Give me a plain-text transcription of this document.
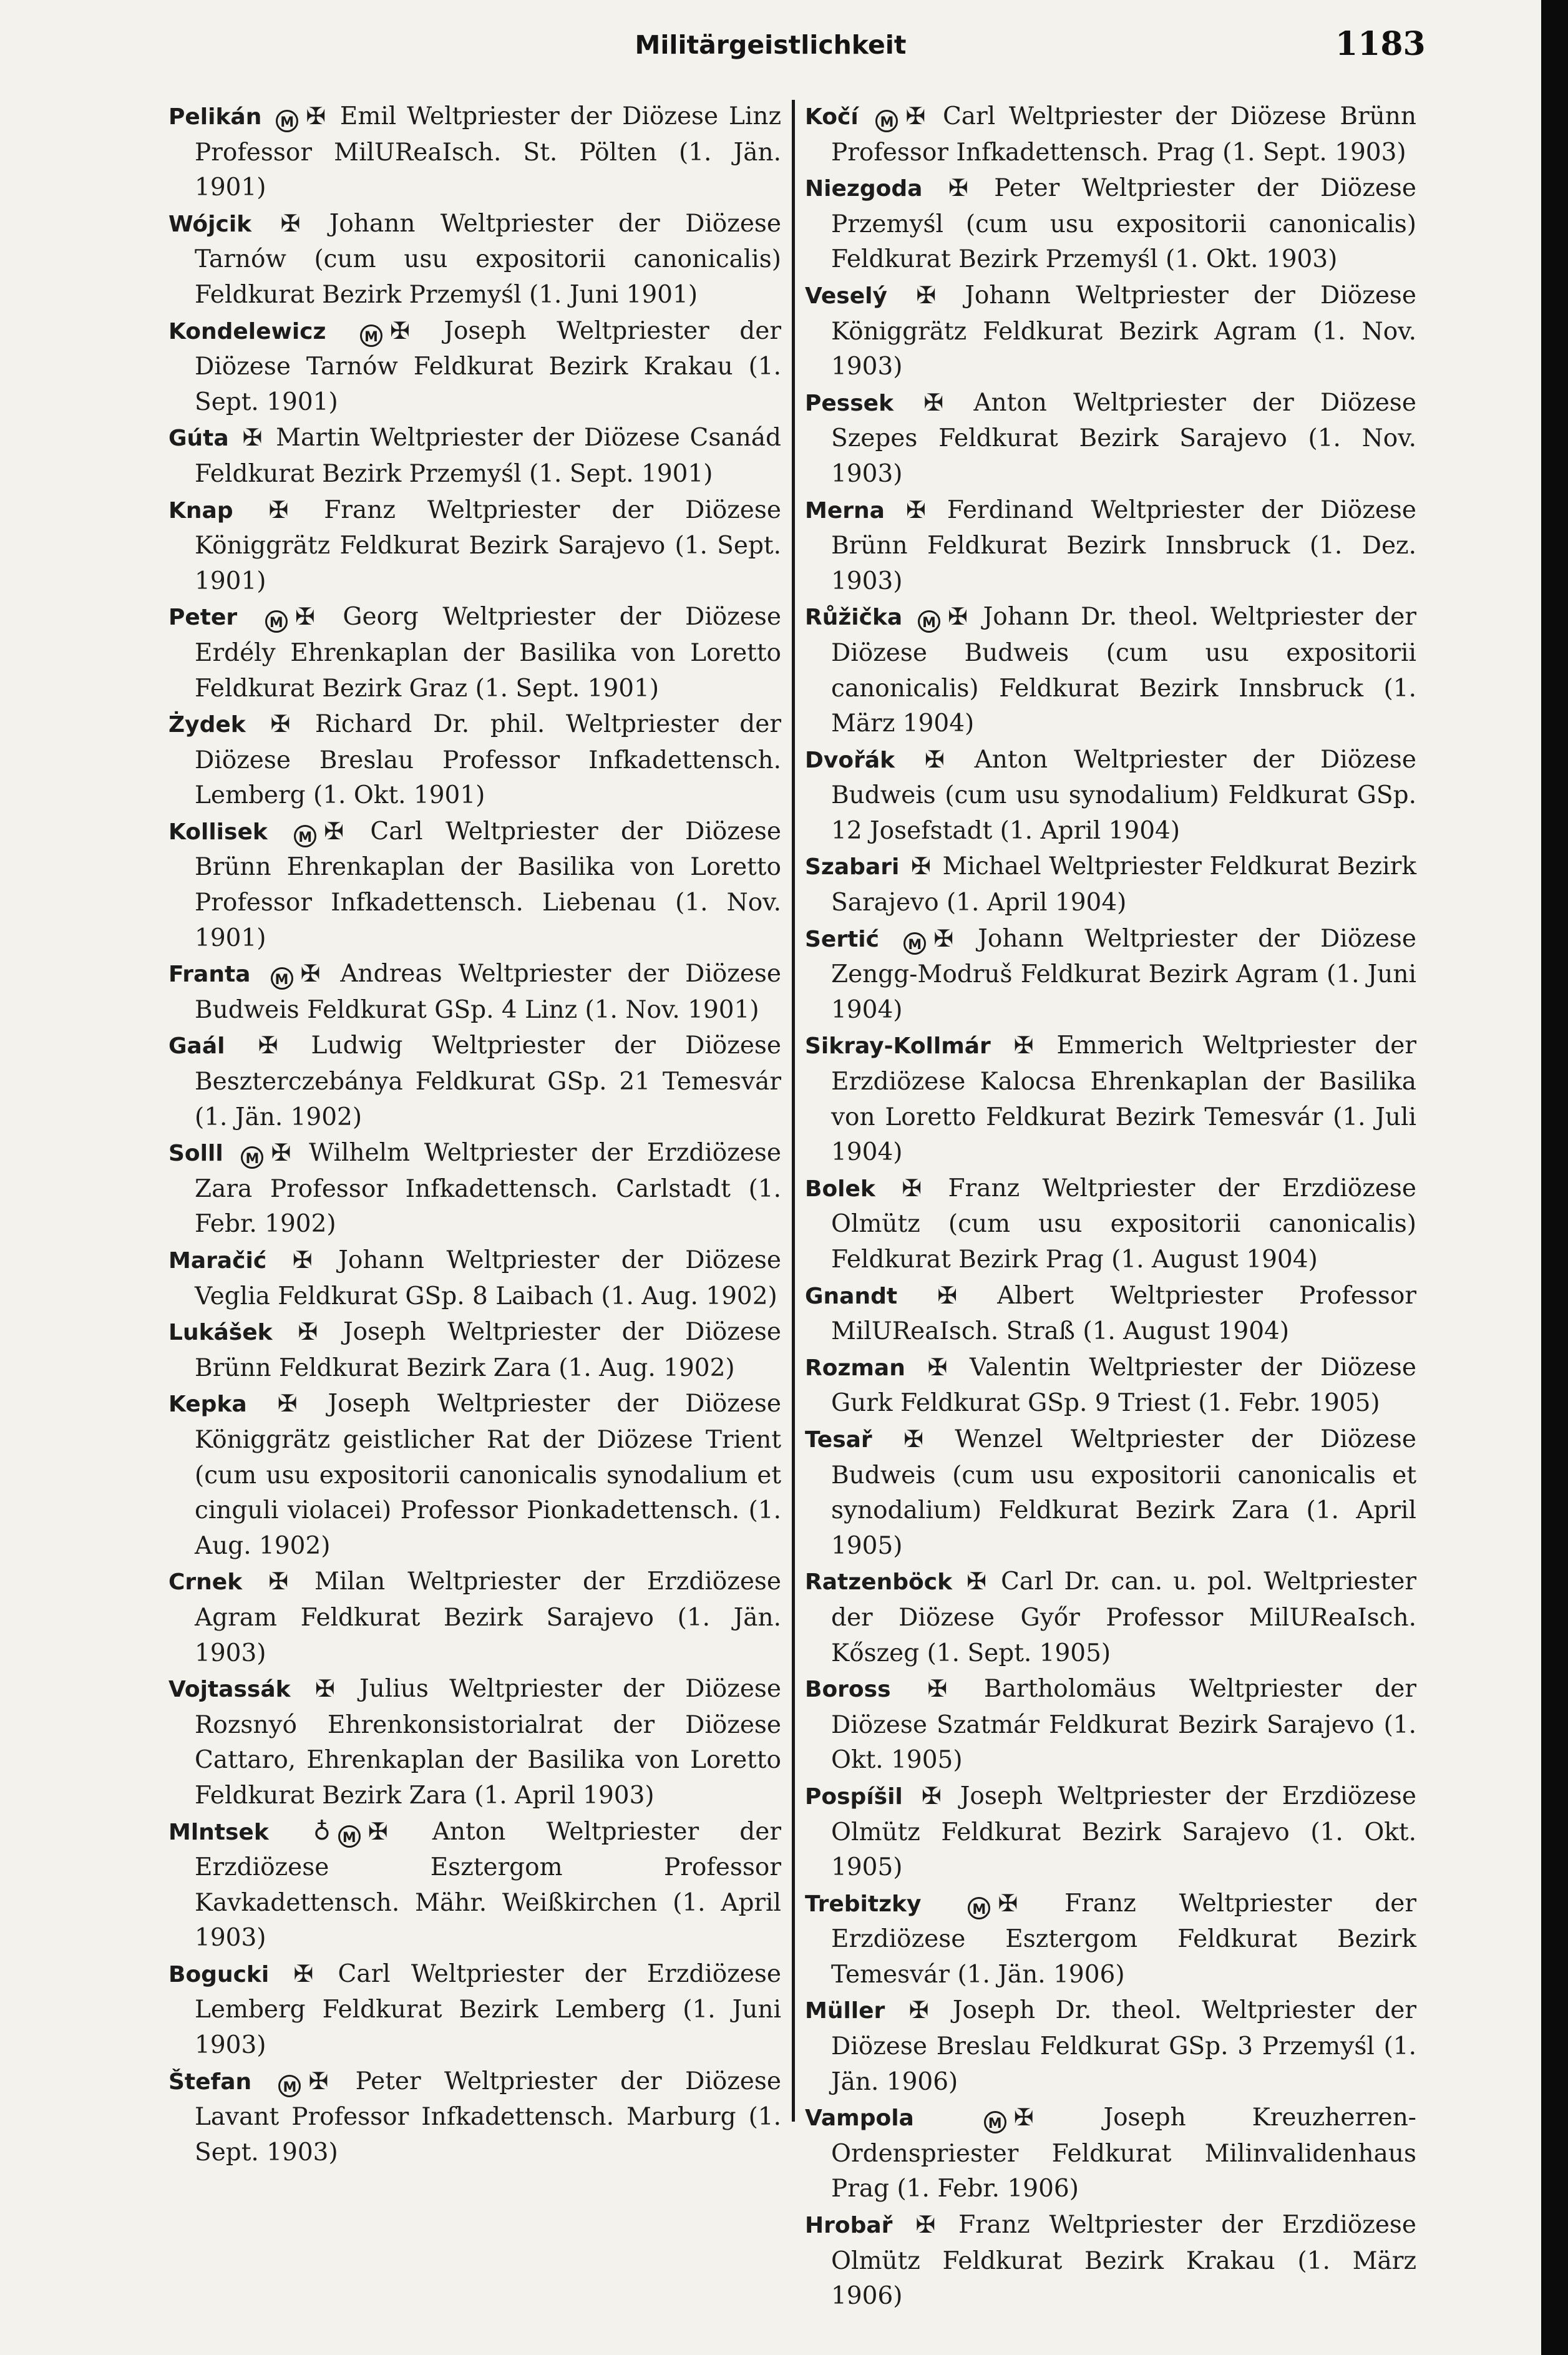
Militärgeistlichkeit	1183
Pelikán M ✠ Emil Weltpriester der Diözese Linz Professor MilUReaIsch. St. Pölten (1. Jän. 1901)
Wójcik ✠ Johann Weltpriester der Diözese Tarnów (cum usu expositorii canonicalis) Feldkurat Bezirk Przemyśl (1. Juni 1901)
Kondelewicz	M ✠ Joseph Weltpriester der Diözese Tarnów Feldkurat Bezirk Krakau (1. Sept. 1901)
Gúta ✠ Martin Weltpriester der Diözese Csanád Feldkurat Bezirk Przemyśl (1. Sept. 1901)
Knap ✠ Franz Weltpriester der Diözese Königgrätz Feldkurat Bezirk Sarajevo (1. Sept. 1901)
Peter M ✠ Georg Weltpriester der Diözese Erdély Ehrenkaplan der Basilika von Loretto Feldkurat Bezirk Graz (1. Sept. 1901)
Żydek ✠ Richard Dr. phil. Weltpriester der Diözese Breslau Professor Infkadettensch. Lemberg (1. Okt. 1901)
Kollisek M ✠ Carl Weltpriester der Diözese Brünn Ehrenkaplan der Basilika von Loretto Professor Infkadettensch. Liebenau (1. Nov. 1901)
Franta M ✠ Andreas Weltpriester der Diözese Budweis Feldkurat GSp. 4 Linz (1. Nov. 1901)
Gaál ✠ Ludwig Weltpriester der Diözese Beszterczebánya Feldkurat GSp. 21 Temesvár (1. Jän. 1902)
Solll M ✠ Wilhelm Weltpriester der Erzdiözese Zara Professor Infkadettensch. Carlstadt (1. Febr. 1902)
Maračić ✠ Johann Weltpriester der Diözese Veglia Feldkurat GSp. 8 Laibach (1. Aug. 1902)
Lukášek ✠ Joseph Weltpriester der Diözese Brünn Feldkurat Bezirk Zara (1. Aug. 1902)
Kepka ✠ Joseph Weltpriester der Diözese Königgrätz geistlicher Rat der Diözese Trient (cum usu expositorii canonicalis synodalium et cinguli violacei) Professor Pionkadettensch. (1. Aug. 1902)
Crnek ✠ Milan Weltpriester der Erzdiözese Agram Feldkurat Bezirk Sarajevo (1. Jän. 1903)
Vojtassák ✠ Julius Weltpriester der Diözese Rozsnyó Ehrenkonsistorialrat der Diözese Cattaro, Ehrenkaplan der Basilika von Loretto Feldkurat Bezirk Zara (1. April 1903)
Mlntsek ♁ M ✠ Anton Weltpriester der Erzdiözese Esztergom Professor Kavkadettensch. Mähr. Weißkirchen (1. April 1903)
Bogucki ✠ Carl Weltpriester der Erzdiözese Lemberg Feldkurat Bezirk Lemberg (1. Juni 1903)
Štefan M ✠ Peter Weltpriester der Diözese Lavant Professor Infkadettensch. Marburg (1. Sept. 1903)
Kočí M ✠ Carl Weltpriester der Diözese Brünn Professor Infkadettensch. Prag (1. Sept. 1903)
Niezgoda ✠ Peter Weltpriester der Diözese Przemyśl (cum usu expositorii canonicalis) Feldkurat Bezirk Przemyśl (1. Okt. 1903)
Veselý ✠ Johann Weltpriester der Diözese Königgrätz Feldkurat Bezirk Agram (1. Nov. 1903)
Pessek ✠ Anton Weltpriester der Diözese Szepes Feldkurat Bezirk Sarajevo (1. Nov. 1903)
Merna ✠ Ferdinand Weltpriester der Diözese Brünn Feldkurat Bezirk Innsbruck (1. Dez. 1903)
Růžička M ✠ Johann Dr. theol. Weltpriester der Diözese Budweis (cum usu expositorii canonicalis) Feldkurat Bezirk Innsbruck (1. März 1904)
Dvořák ✠ Anton Weltpriester der Diözese Budweis (cum usu synodalium) Feldkurat GSp. 12 Josefstadt (1. April 1904)
Szabari ✠ Michael Weltpriester Feldkurat Bezirk Sarajevo (1. April 1904)
Sertić M ✠ Johann Weltpriester der Diözese Zengg-Modruš Feldkurat Bezirk Agram (1. Juni 1904)
Sikray-Kollmár ✠ Emmerich Weltpriester der Erzdiözese Kalocsa Ehrenkaplan der Basilika von Loretto Feldkurat Bezirk Temesvár (1. Juli 1904)
Bolek ✠ Franz Weltpriester der Erzdiözese Olmütz (cum usu expositorii canonicalis) Feldkurat Bezirk Prag (1. August 1904)
Gnandt ✠ Albert Weltpriester Professor MilUReaIsch. Straß (1. August 1904)
Rozman ✠ Valentin Weltpriester der Diözese Gurk Feldkurat GSp. 9 Triest (1. Febr. 1905)
Tesař ✠ Wenzel Weltpriester der Diözese Budweis (cum usu expositorii canonicalis et synodalium) Feldkurat Bezirk Zara (1. April 1905)
Ratzenböck ✠ Carl Dr. can. u. pol. Weltpriester der Diözese Győr Professor MilUReaIsch. Kőszeg (1. Sept. 1905)
Boross ✠ Bartholomäus Weltpriester der Diözese Szatmár Feldkurat Bezirk Sarajevo (1. Okt. 1905)
Pospíšil ✠ Joseph Weltpriester der Erzdiözese Olmütz Feldkurat Bezirk Sarajevo (1. Okt. 1905)
Trebitzky	M ✠ Franz Weltpriester der Erzdiözese Esztergom Feldkurat Bezirk Temesvár (1. Jän. 1906)
Müller ✠ Joseph Dr. theol. Weltpriester der Diözese Breslau Feldkurat GSp. 3 Przemyśl (1. Jän. 1906)
Vampola	M ✠	Joseph Kreuzherren-Ordenspriester Feldkurat Milinvalidenhaus Prag (1. Febr. 1906)
Hrobař ✠ Franz Weltpriester der Erzdiözese Olmütz Feldkurat Bezirk Krakau (1. März 1906)
